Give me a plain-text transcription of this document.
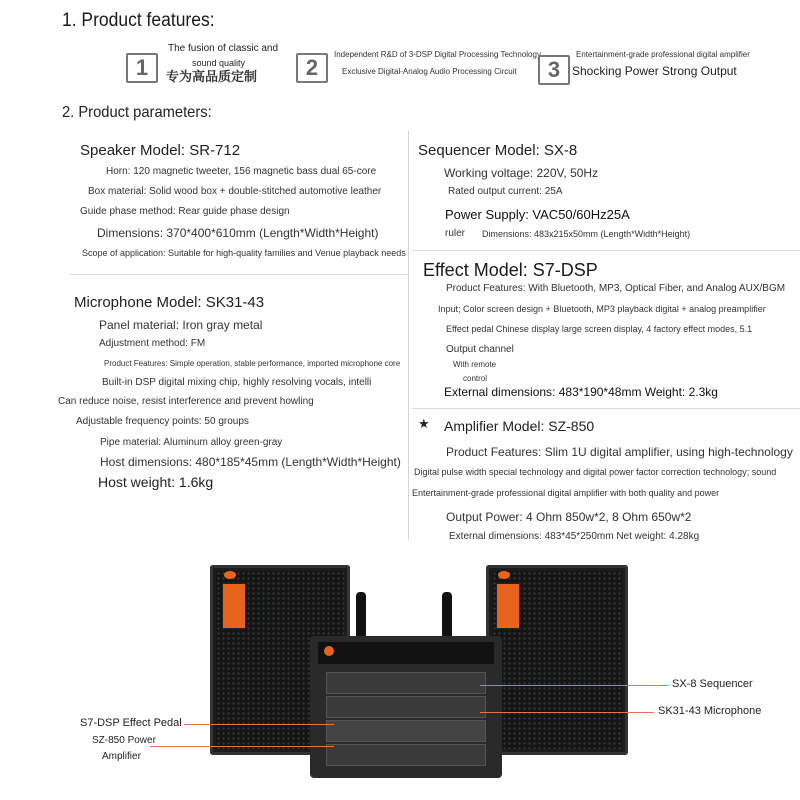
1. Product features:
1
The fusion of classic and
sound quality
专为高品质定制	2
Independent R&D of 3-DSP Digital Processing Technology
Exclusive Digital-Analog Audio Processing Circuit	3
Entertainment-grade professional digital amplifier
Shocking Power Strong Output
2. Product parameters:
Speaker Model: SR-712
Horn: 120 magnetic tweeter, 156 magnetic bass dual 65-core
Box material: Solid wood box + double-stitched automotive leather
Guide phase method: Rear guide phase design
Dimensions: 370*400*610mm (Length*Width*Height)
Scope of application: Suitable for high-quality families and Venue playback needs
Microphone Model: SK31-43
Panel material: Iron gray metal
Adjustment method: FM
Product Features: Simple operation, stable performance, imported microphone core
Built-in DSP digital mixing chip, highly resolving vocals, intelli
Can reduce noise, resist interference and prevent howling
Adjustable frequency points: 50 groups
Pipe material: Aluminum alloy green-gray
Host dimensions: 480*185*45mm (Length*Width*Height)
Host weight: 1.6kg
Sequencer Model: SX-8
Working voltage: 220V, 50Hz
Rated output current: 25A
Power Supply: VAC50/60Hz25A
ruler Dimensions: 483x215x50mm (Length*Width*Height)
Effect Model: S7-DSP
Product Features: With Bluetooth, MP3, Optical Fiber, and Analog AUX/BGM
Input; Color screen design + Bluetooth, MP3 playback digital + analog preamplifier
Effect pedal Chinese display large screen display, 4 factory effect modes, 5.1
Output channel
With remote
control
External dimensions: 483*190*48mm Weight: 2.3kg
★ Amplifier Model: SZ-850
Product Features: Slim 1U digital amplifier, using high-technology
Digital pulse width special technology and digital power factor correction technology; sound
Entertainment-grade professional digital amplifier with both quality and power
Output Power: 4 Ohm 850w*2, 8 Ohm 650w*2
External dimensions: 483*45*250mm Net weight: 4.28kg
SX-8 Sequencer
SK31-43 Microphone
S7-DSP Effect Pedal
SZ-850 Power
Amplifier
